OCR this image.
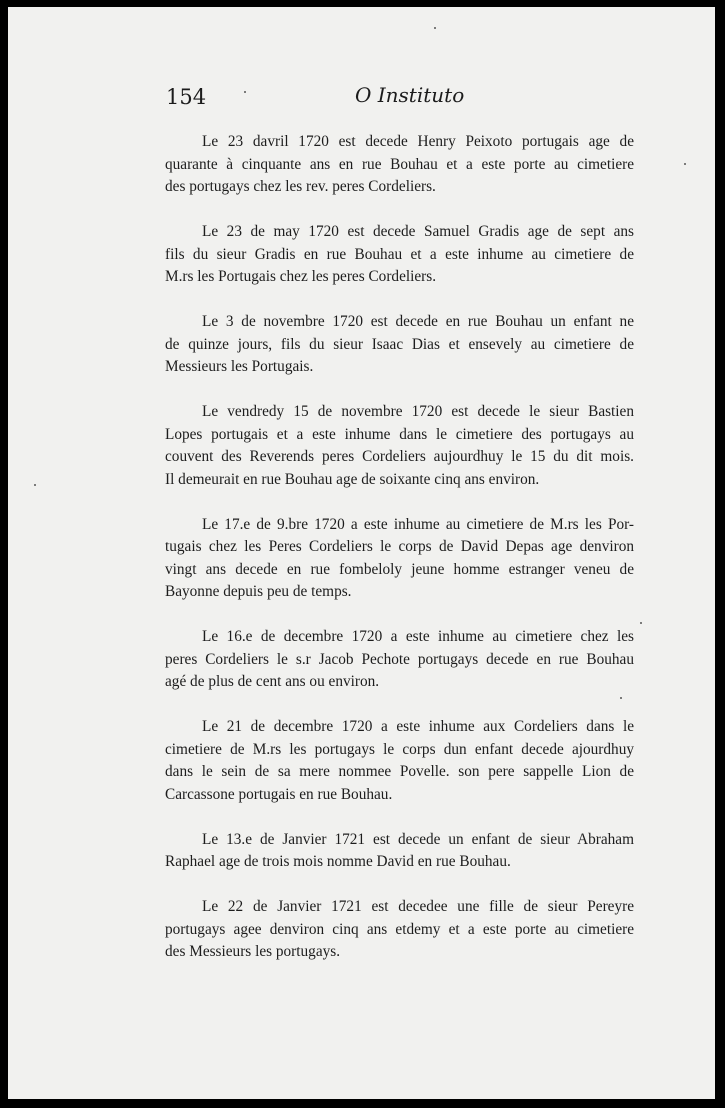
154	O Instituto

Le 23 davril 1720 est decede Henry Peixoto portugais age de
quarante à cinquante ans en rue Bouhau et a este porte au cimetiere
des portugays chez les rev. peres Cordeliers.

Le 23 de may 1720 est decede Samuel Gradis age de sept ans
fils du sieur Gradis en rue Bouhau et a este inhume au cimetiere de
M.rs les Portugais chez les peres Cordeliers.

Le 3 de novembre 1720 est decede en rue Bouhau un enfant ne
de quinze jours, fils du sieur Isaac Dias et ensevely au cimetiere de
Messieurs les Portugais.

Le vendredy 15 de novembre 1720 est decede le sieur Bastien
Lopes portugais et a este inhume dans le cimetiere des portugays au
couvent des Reverends peres Cordeliers aujourdhuy le 15 du dit mois.
Il demeurait en rue Bouhau age de soixante cinq ans environ.

Le 17.e de 9.bre 1720 a este inhume au cimetiere de M.rs les Por-
tugais chez les Peres Cordeliers le corps de David Depas age denviron
vingt ans decede en rue fombeloly jeune homme estranger veneu de
Bayonne depuis peu de temps.

Le 16.e de decembre 1720 a este inhume au cimetiere chez les
peres Cordeliers le s.r Jacob Pechote portugays decede en rue Bouhau
agé de plus de cent ans ou environ.

Le 21 de decembre 1720 a este inhume aux Cordeliers dans le
cimetiere de M.rs les portugays le corps dun enfant decede ajourdhuy
dans le sein de sa mere nommee Povelle. son pere sappelle Lion de
Carcassone portugais en rue Bouhau.

Le 13.e de Janvier 1721 est decede un enfant de sieur Abraham
Raphael age de trois mois nomme David en rue Bouhau.

Le 22 de Janvier 1721 est decedee une fille de sieur Pereyre
portugays agee denviron cinq ans etdemy et a este porte au cimetiere
des Messieurs les portugays.
